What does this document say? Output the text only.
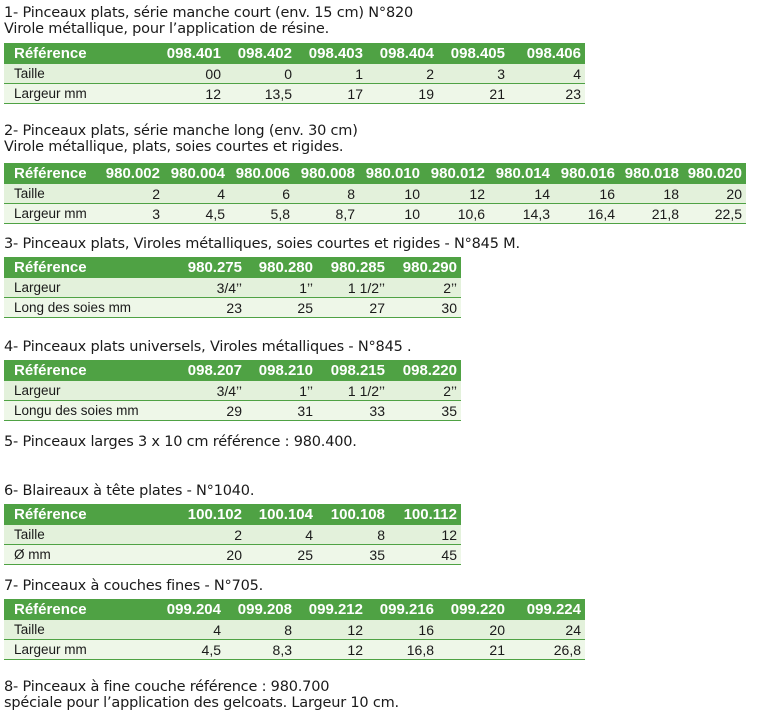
1- Pinceaux plats, série manche court (env. 15 cm) N°820

Virole métallique, pour l’application de résine.

Référence	098.401	098.402	098.403	098.404	098.405	098.406
Taille	00	0	1	2	3	4
Largeur mm	12	13,5	17	19	21	23

2- Pinceaux plats, série manche long (env. 30 cm)

Virole métallique, plats, soies courtes et rigides.

Référence	980.002	980.004	980.006	980.008	980.010	980.012	980.014	980.016	980.018	980.020
Taille	2	4	6	8	10	12	14	16	18	20
Largeur mm	3	4,5	5,8	8,7	10	10,6	14,3	16,4	21,8	22,5

3- Pinceaux plats, Viroles métalliques, soies courtes et rigides - N°845 M.

Référence	980.275	980.280	980.285	980.290
Largeur	3/4’’	1’’	1 1/2’’	2’’
Long des soies mm	23	25	27	30

4- Pinceaux plats universels, Viroles métalliques - N°845 .

Référence	098.207	098.210	098.215	098.220
Largeur	3/4’’	1’’	1 1/2’’	2’’
Longu des soies mm	29	31	33	35

5- Pinceaux larges 3 x 10 cm référence : 980.400.

6- Blaireaux à tête plates - N°1040.

Référence	100.102	100.104	100.108	100.112
Taille	2	4	8	12
Ø mm	20	25	35	45

7- Pinceaux à couches fines - N°705.

Référence	099.204	099.208	099.212	099.216	099.220	099.224
Taille	4	8	12	16	20	24
Largeur mm	4,5	8,3	12	16,8	21	26,8

8- Pinceaux à fine couche référence : 980.700

spéciale pour l’application des gelcoats. Largeur 10 cm.
